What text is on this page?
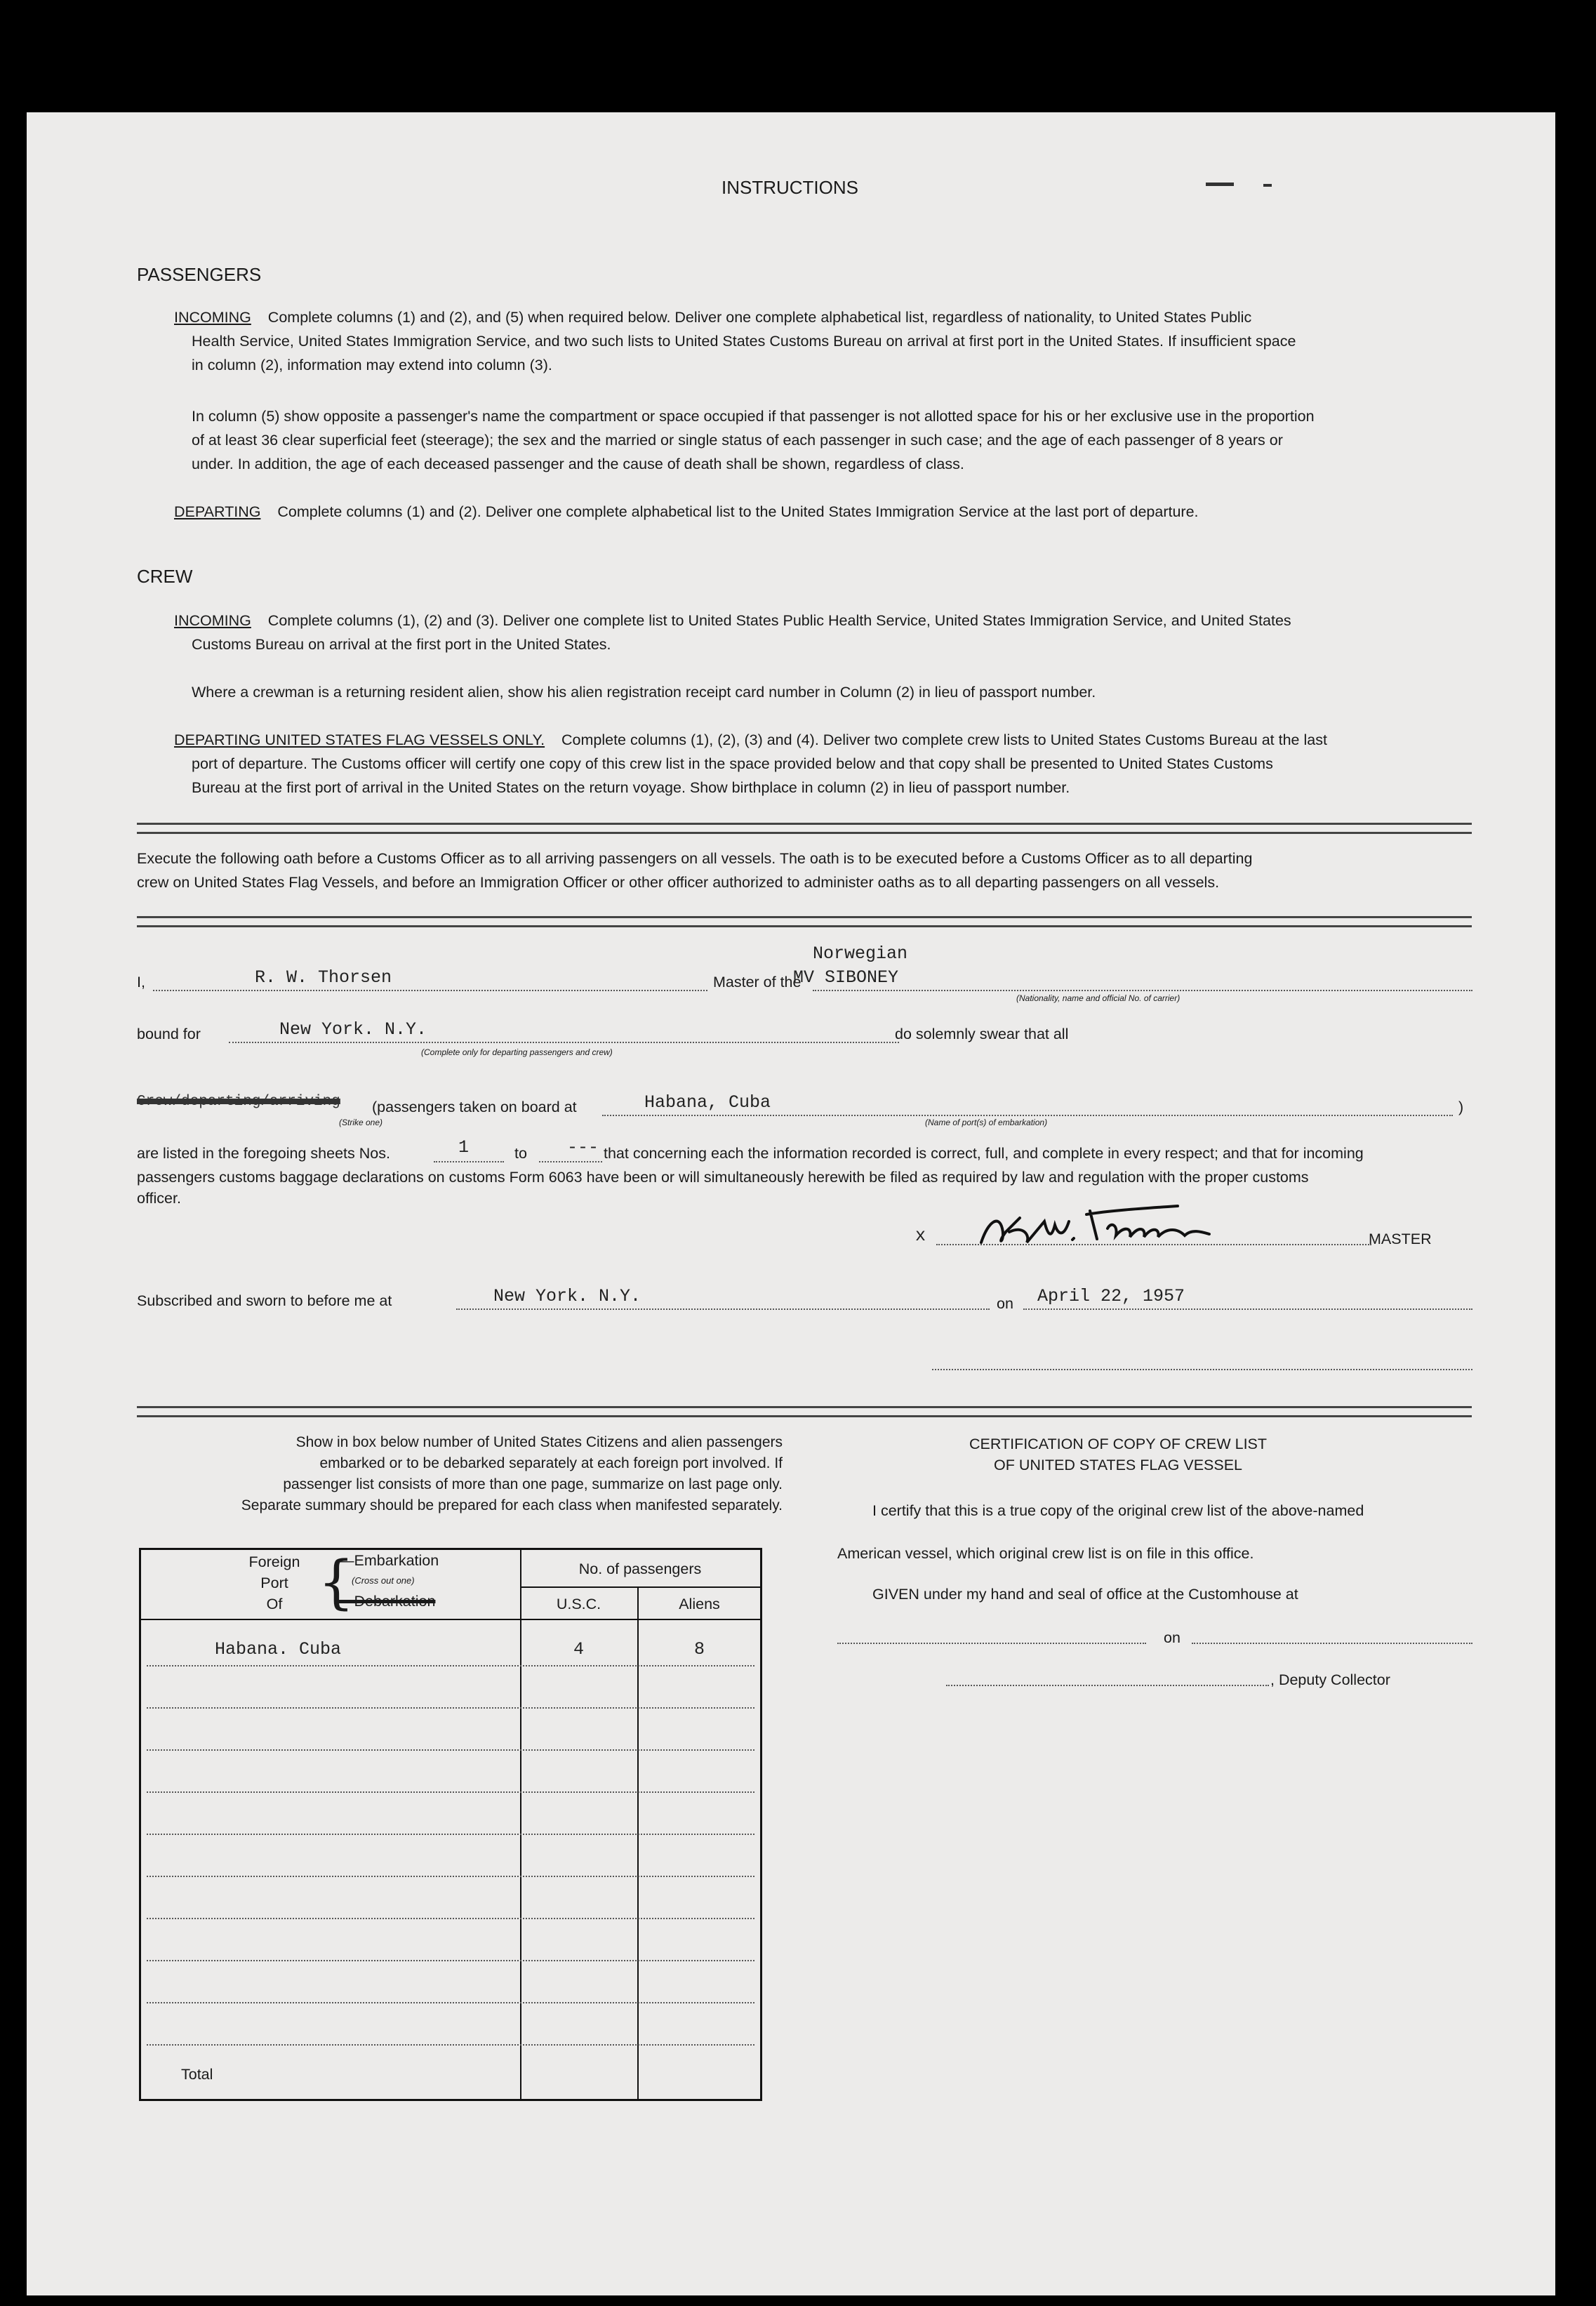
INSTRUCTIONS
PASSENGERS
INCOMING Complete columns (1) and (2), and (5) when required below. Deliver one complete alphabetical list, regardless of nationality, to United States Public
Health Service, United States Immigration Service, and two such lists to United States Customs Bureau on arrival at first port in the United States. If insufficient space
in column (2), information may extend into column (3).
In column (5) show opposite a passenger's name the compartment or space occupied if that passenger is not allotted space for his or her exclusive use in the proportion
of at least 36 clear superficial feet (steerage); the sex and the married or single status of each passenger in such case; and the age of each passenger of 8 years or
under. In addition, the age of each deceased passenger and the cause of death shall be shown, regardless of class.
DEPARTING Complete columns (1) and (2). Deliver one complete alphabetical list to the United States Immigration Service at the last port of departure.
CREW
INCOMING Complete columns (1), (2) and (3). Deliver one complete list to United States Public Health Service, United States Immigration Service, and United States
Customs Bureau on arrival at the first port in the United States.
Where a crewman is a returning resident alien, show his alien registration receipt card number in Column (2) in lieu of passport number.
DEPARTING UNITED STATES FLAG VESSELS ONLY. Complete columns (1), (2), (3) and (4). Deliver two complete crew lists to United States Customs Bureau at the last
port of departure. The Customs officer will certify one copy of this crew list in the space provided below and that copy shall be presented to United States Customs
Bureau at the first port of arrival in the United States on the return voyage. Show birthplace in column (2) in lieu of passport number.
Execute the following oath before a Customs Officer as to all arriving passengers on all vessels. The oath is to be executed before a Customs Officer as to all departing
crew on United States Flag Vessels, and before an Immigration Officer or other officer authorized to administer oaths as to all departing passengers on all vessels.
I,	R. W. Thorsen	Master of the
Norwegian
MV SIBONEY
(Nationality, name and official No. of carrier)
bound for	New York. N.Y.
(Complete only for departing passengers and crew)
do solemnly swear that all
Crew/departing/arriving (passengers taken on board at	Habana, Cuba	)
(Strike one)	(Name of port(s) of embarkation)
are listed in the foregoing sheets Nos.	1	to --- that concerning each the information recorded is correct, full, and complete in every respect; and that for incoming
passengers customs baggage declarations on customs Form 6063 have been or will simultaneously herewith be filed as required by law and regulation with the proper customs
officer.
x	MASTER
Subscribed and sworn to before me at	New York. N.Y.	on April 22, 1957
Show in box below number of United States Citizens and alien passengers
embarked or to be debarked separately at each foreign port involved. If
passenger list consists of more than one page, summarize on last page only.
Separate summary should be prepared for each class when manifested separately.
Foreign
Port
Of {
—Embarkation
(Cross out one)
—Debarkation
No. of passengers
U.S.C.	Aliens
Habana. Cuba	4	8
Total
CERTIFICATION OF COPY OF CREW LIST
OF UNITED STATES FLAG VESSEL
I certify that this is a true copy of the original crew list of the above-named
American vessel, which original crew list is on file in this office.
GIVEN under my hand and seal of office at the Customhouse at
on
, Deputy Collector
